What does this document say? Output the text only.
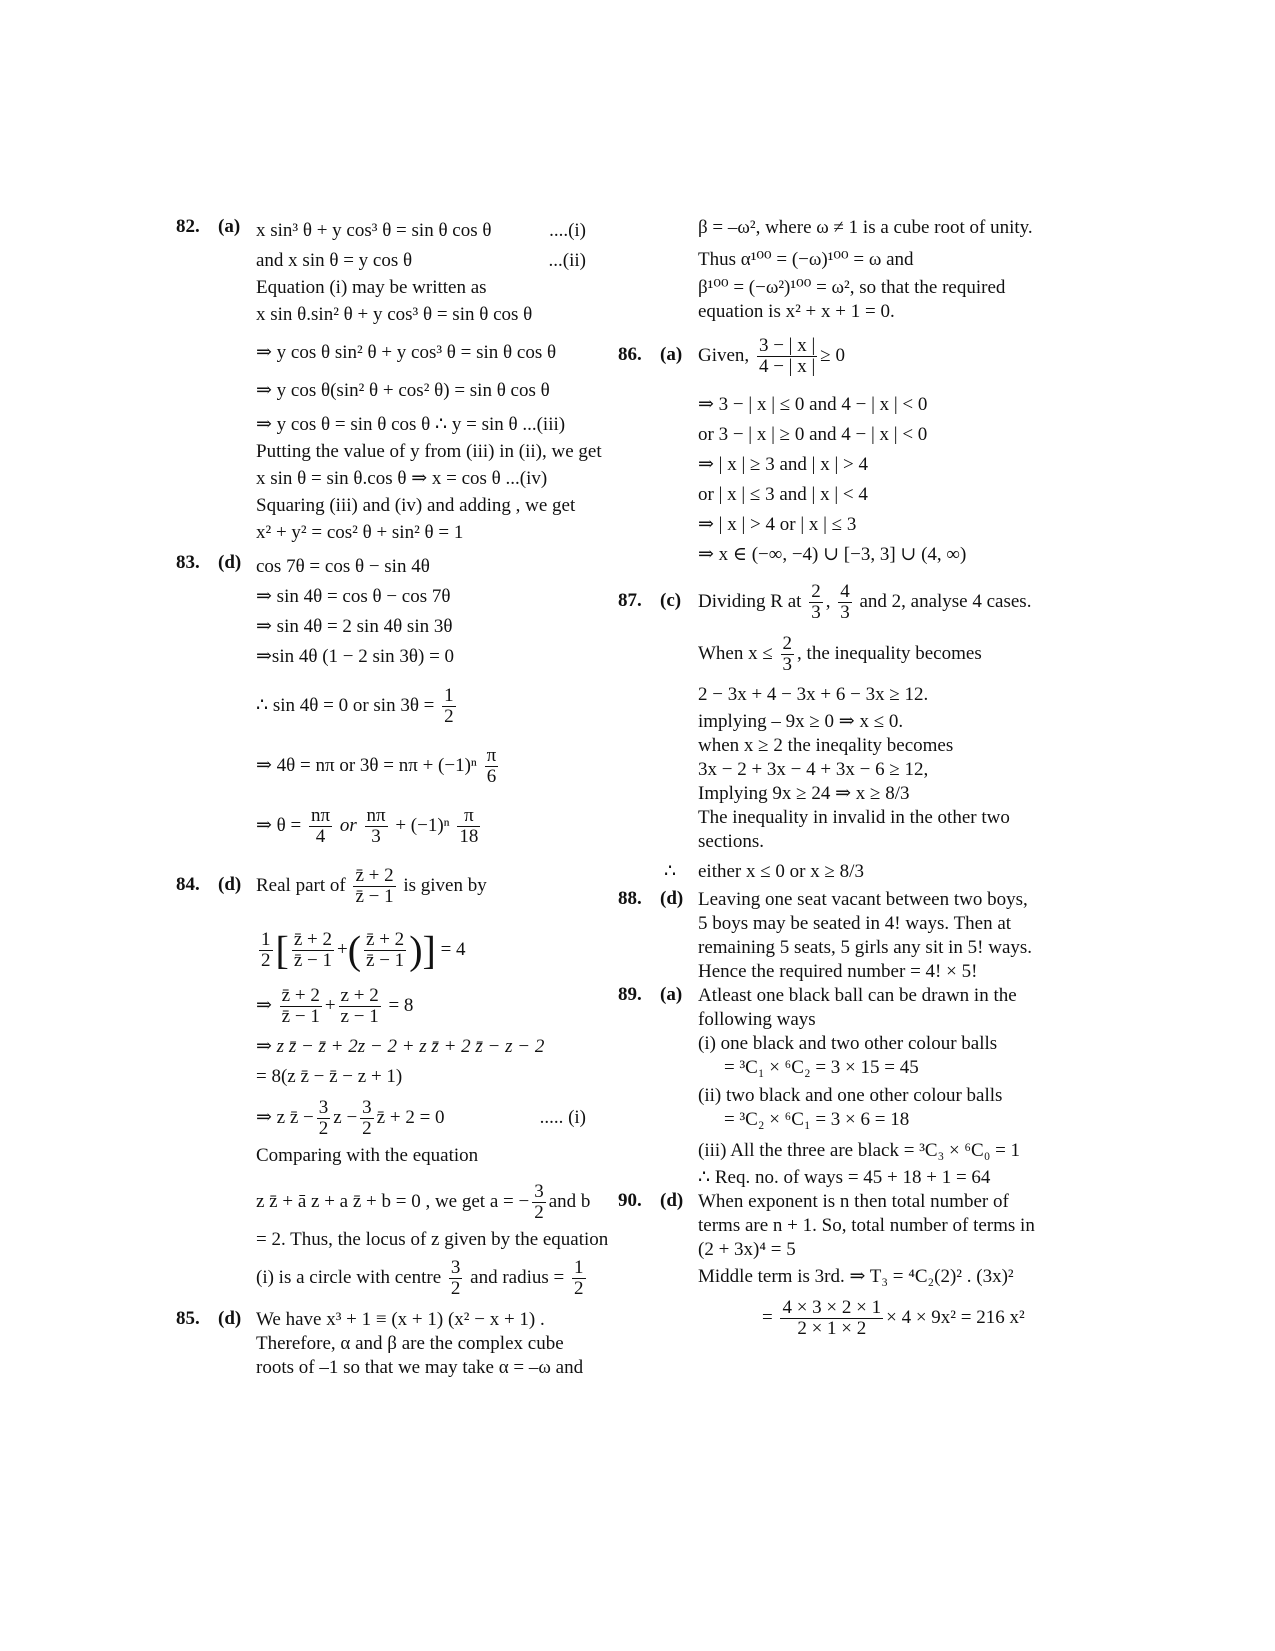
82. (a) x sin³ θ + y cos³ θ = sin θ cos θ	....(i)
and x sin θ = y cos θ	...(ii)
Equation (i) may be written as
x sin θ.sin² θ + y cos³ θ = sin θ cos θ
⇒ y cos θ sin² θ + y cos³ θ = sin θ cos θ
⇒ y cos θ(sin² θ + cos² θ) = sin θ cos θ
⇒ y cos θ = sin θ cos θ ∴ y = sin θ ...(iii)
Putting the value of y from (iii) in (ii), we get
x sin θ = sin θ.cos θ ⇒ x = cos θ ...(iv)
Squaring (iii) and (iv) and adding , we get
x² + y² = cos² θ + sin² θ = 1
83. (d) cos 7θ = cos θ − sin 4θ
⇒ sin 4θ = cos θ − cos 7θ
⇒ sin 4θ = 2 sin 4θ sin 3θ
⇒sin 4θ (1 − 2 sin 3θ) = 0
∴ sin 4θ = 0 or $\sin 3\theta = \frac{1}{2}$
⇒ 4θ = nπ or $3\theta = n\pi + (-1)^n \frac{\pi}{6}$
⇒ $\theta = \frac{n\pi}{4}$ or $\frac{n\pi}{3} + (-1)^n \frac{\pi}{18}$
84. (d) Real part of $\frac{z̄ + 2}{z̄ - 1}$ is given by
$\frac{1}{2}$ [ $\frac{z̄ + 2}{z̄ - 1}$ +( $\frac{z̄ + 2}{z̄ - 1}$ )] = 4
⇒ $\frac{z̄ + 2}{z̄ - 1} + \frac{z + 2}{z - 1} = 8$
⇒ z z̄ − z̄ + 2z − 2 + z z̄ + 2 z̄ − z − 2
= 8(z z̄ − z̄ − z + 1)
⇒ z z̄ − $\frac{3}{2}$ $z - \frac{3}{2}$ z̄ + 2 = 0	..... (i)
Comparing with the equation
z z̄ + ā z + a z̄ + b = 0 , we get a = − $\frac{3}{2}$ and b
= 2. Thus, the locus of z given by the equation
(i) is a circle with centre $\frac{3}{2}$ and radius = $\frac{1}{2}$
85. (d) We have x³ + 1 ≡ (x + 1) (x² − x + 1) .
Therefore, α and β are the complex cube
roots of –1 so that we may take α = –ω and
β = –ω², where ω ≠ 1 is a cube root of unity.
Thus α¹⁰⁰ = (−ω)¹⁰⁰ = ω and
β¹⁰⁰ = (−ω²)¹⁰⁰ = ω², so that the required
equation is x² + x + 1 = 0.
86. (a) Given, $\frac{3 - | x |}{4 - | x |} \ge 0$
⇒ 3 − | x | ≤ 0 and 4 − | x | < 0
or 3 − | x | ≥ 0 and 4 − | x | < 0
⇒ | x | ≥ 3 and | x | > 4
or | x | ≤ 3 and | x | < 4
⇒ | x | > 4 or | x | ≤ 3
⇒ x ∈ (−∞, −4) ∪ [−3, 3] ∪ (4, ∞)
87. (c) Dividing R at $\frac{2}{3}$ , $\frac{4}{3}$ and 2, analyse 4 cases.
When $x \le \frac{2}{3}$ , the inequality becomes
2 − 3x + 4 − 3x + 6 − 3x ≥ 12.
implying – 9x ≥ 0 ⇒ x ≤ 0.
when x ≥ 2 the ineqality becomes
3x − 2 + 3x − 4 + 3x − 6 ≥ 12,
Implying 9x ≥ 24 ⇒ x ≥ 8/3
The inequality in invalid in the other two
sections.
∴ either x ≤ 0 or x ≥ 8/3
88. (d) Leaving one seat vacant between two boys,
5 boys may be seated in 4! ways. Then at
remaining 5 seats, 5 girls any sit in 5! ways.
Hence the required number = 4! × 5!
89. (a) Atleast one black ball can be drawn in the
following ways
(i) one black and two other colour balls
= ³C₁ × ⁶C₂ = 3 × 15 = 45
(ii) two black and one other colour balls
= ³C₂ × ⁶C₁ = 3 × 6 = 18
(iii) All the three are black = ³C₃ × ⁶C₀ = 1
∴ Req. no. of ways = 45 + 18 + 1 = 64
90. (d) When exponent is n then total number of
terms are n + 1. So, total number of terms in
(2 + 3x)⁴ = 5
Middle term is 3rd. ⇒ T₃ = ⁴C₂(2)² . (3x)²
= $\frac{4 \times 3 \times 2 \times 1}{2 \times 1 \times 2} \times 4 \times 9x^2 = 216$ x²
